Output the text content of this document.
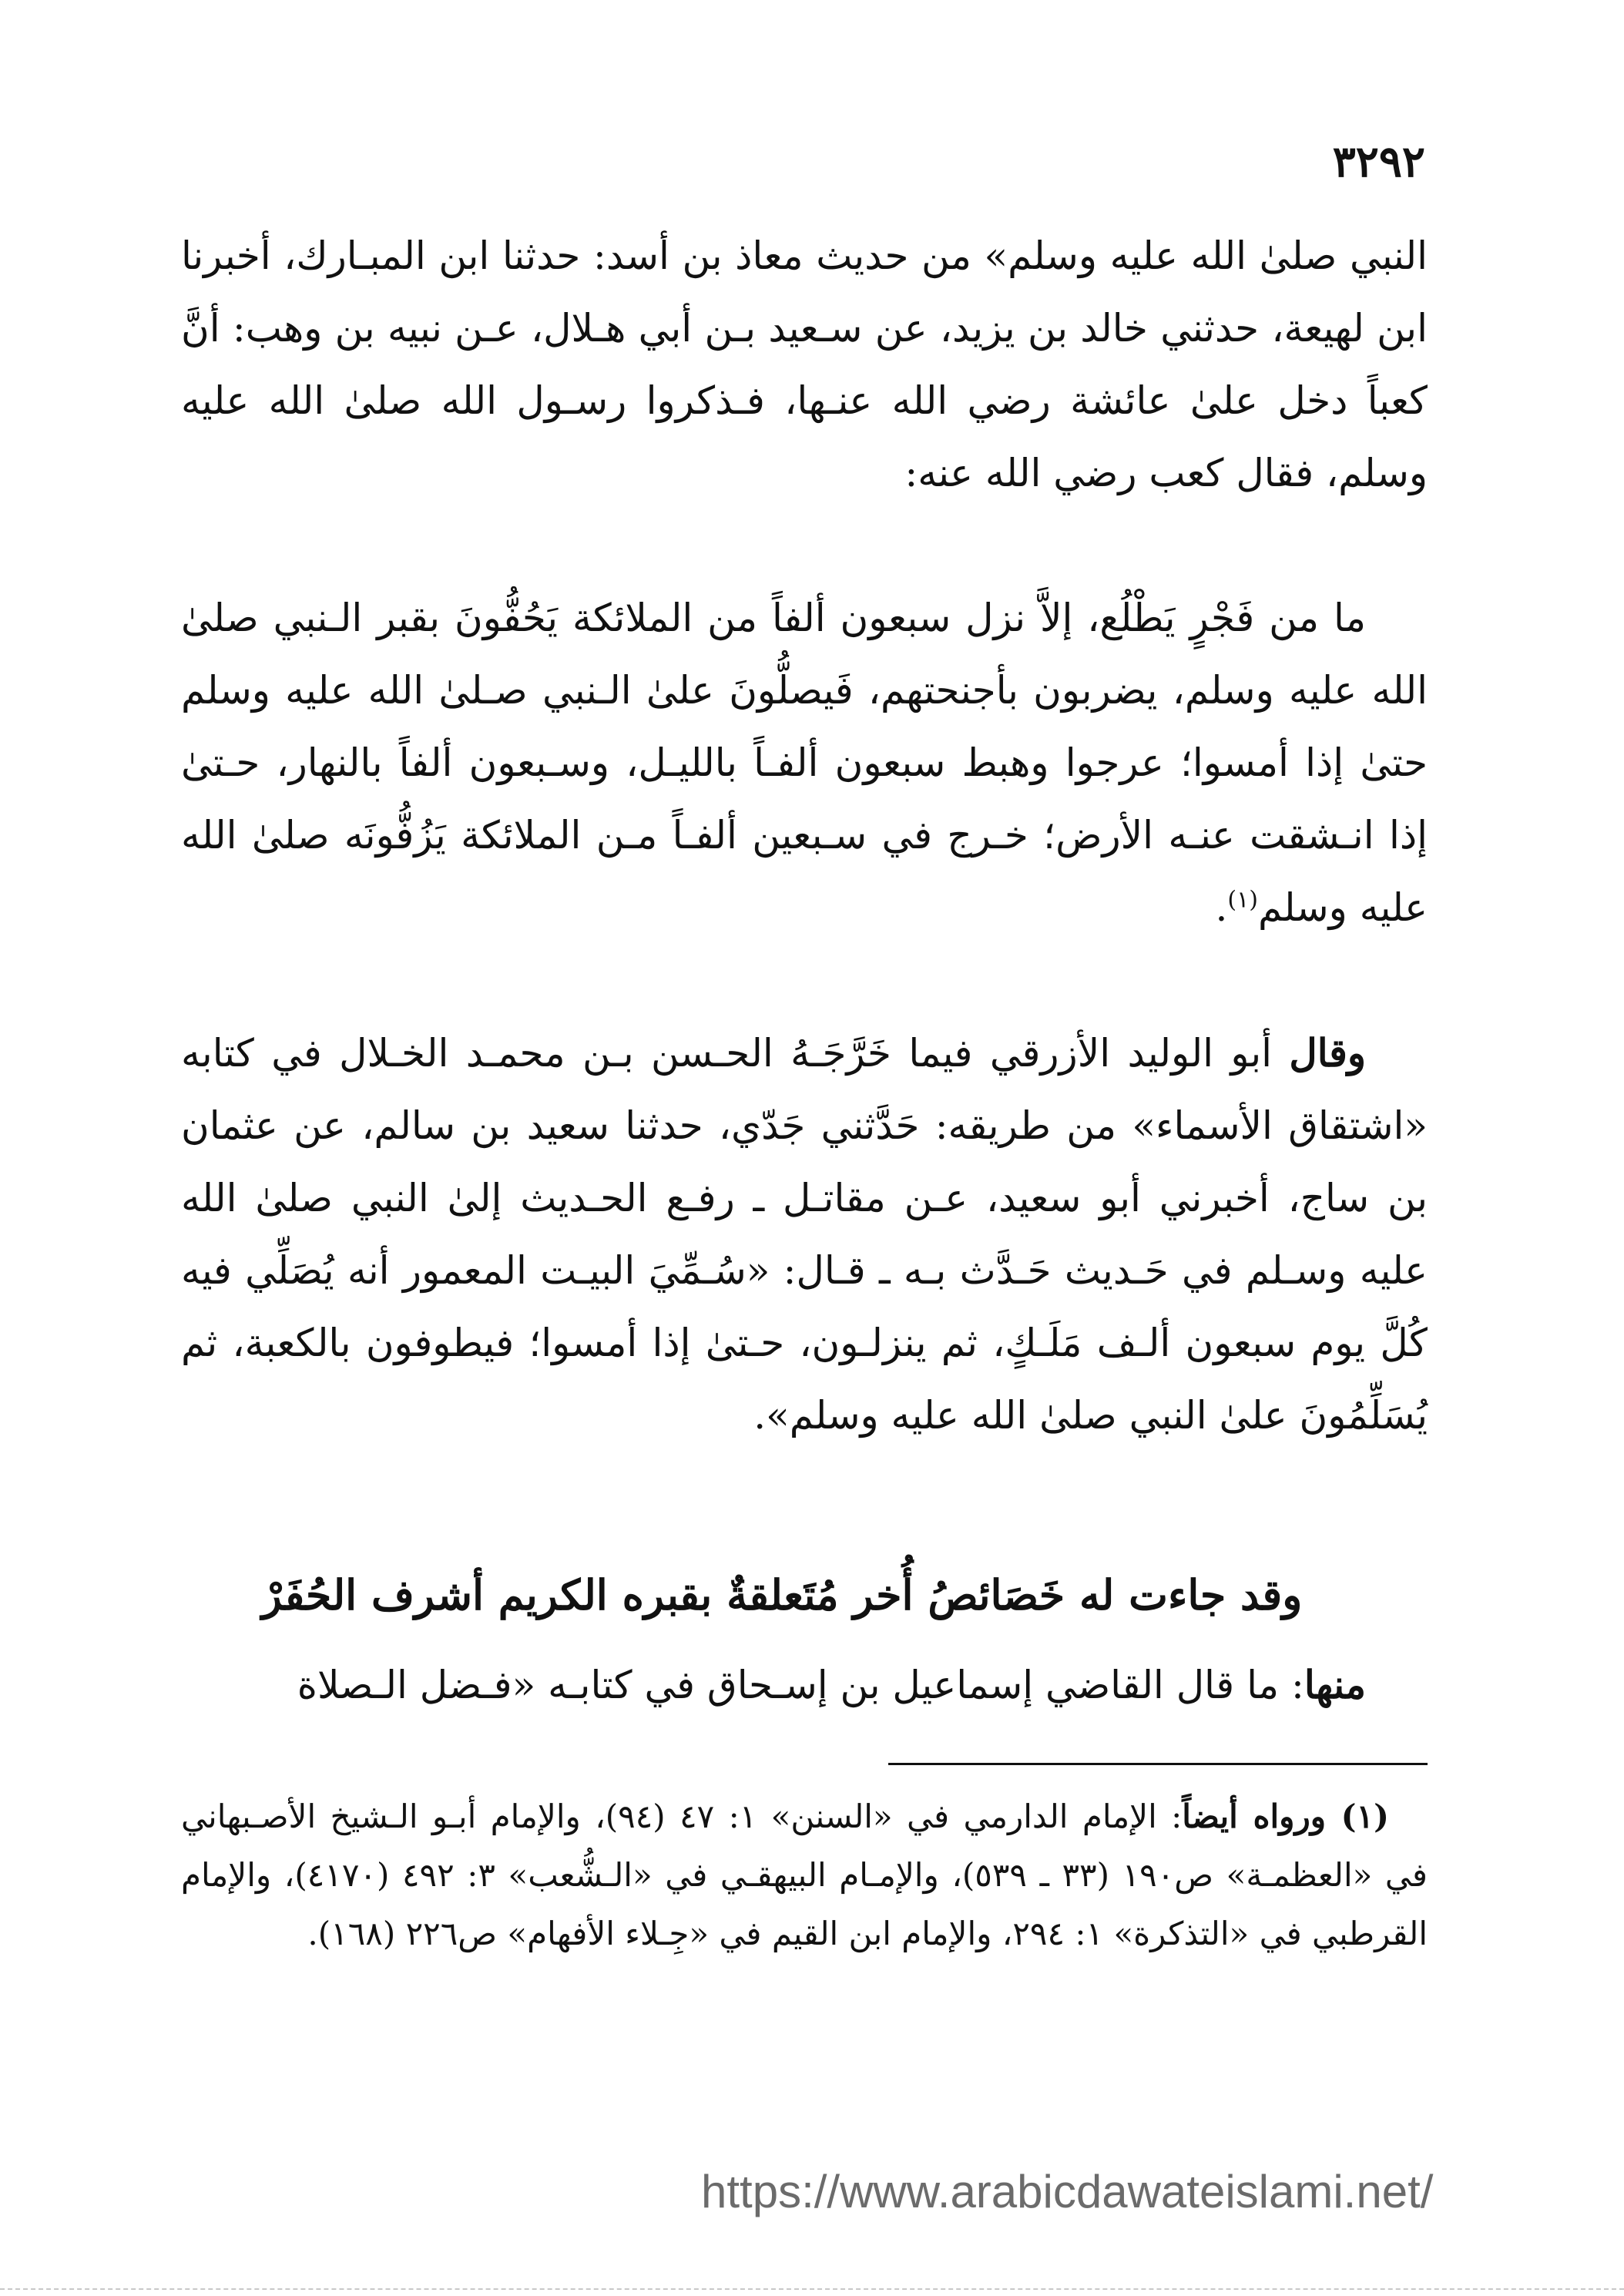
٣٢٩٢

النبي صلىٰ الله عليه وسلم» من حديث معاذ بن أسد: حدثنا ابن المبـارك، أخبرنا ابن لهيعة، حدثني خالد بن يزيد، عن سـعيد بـن أبي هـلال، عـن نبيه بن وهب: أنَّ كعباً دخل علىٰ عائشة رضي الله عنـها، فـذكروا رسـول الله صلىٰ الله عليه وسلم، فقال كعب رضي الله عنه:

ما من فَجْرٍ يَطْلُع، إلاَّ نزل سبعون ألفاً من الملائكة يَحُفُّونَ بقبر الـنبي صلىٰ الله عليه وسلم، يضربون بأجنحتهم، فَيصلُّونَ علىٰ الـنبي صـلىٰ الله عليه وسلم حتىٰ إذا أمسوا؛ عرجوا وهبط سبعون ألفـاً بالليـل، وسـبعون ألفاً بالنهار، حـتىٰ إذا انـشقت عنـه الأرض؛ خـرج في سـبعين ألفـاً مـن الملائكة يَزُفُّونَه صلىٰ الله عليه وسلم$^{(١)}$.

وقال أبو الوليد الأزرقي فيما خَرَّجَـهُ الحـسن بـن محمـد الخـلال في كتابه «اشتقاق الأسماء» من طريقه: حَدَّثني جَدّي، حدثنا سعيد بن سالم، عن عثمان بن ساج، أخبرني أبو سعيد، عـن مقاتـل ـ رفـع الحـديث إلىٰ النبي صلىٰ الله عليه وسـلم في حَـديث حَـدَّث بـه ـ قـال: «سُـمِّيَ البيـت المعمور أنه يُصَلِّي فيه كُلَّ يوم سبعون ألـف مَلَـكٍ، ثم ينزلـون، حـتىٰ إذا أمسوا؛ فيطوفون بالكعبة، ثم يُسَلِّمُونَ علىٰ النبي صلىٰ الله عليه وسلم».

وقد جاءت له خَصَائصُ أُخر مُتَعلقةٌ بقبره الكريم أشرف الحُفَرْ

منها: ما قال القاضي إسماعيل بن إسـحاق في كتابـه «فـضل الـصلاة

(١) ورواه أيضاً: الإمام الدارمي في «السنن» ١: ٤٧ (٩٤)، والإمام أبـو الـشيخ الأصـبهاني في «العظمـة» ص١٩٠ (٣٣ ـ ٥٣٩)، والإمـام البيهقـي في «الـشُّعب» ٣: ٤٩٢ (٤١٧٠)، والإمام القرطبي في «التذكرة» ١: ٢٩٤، والإمام ابن القيم في «جِـلاء الأفهام» ص٢٢٦ (١٦٨).

https://www.arabicdawateislami.net/
